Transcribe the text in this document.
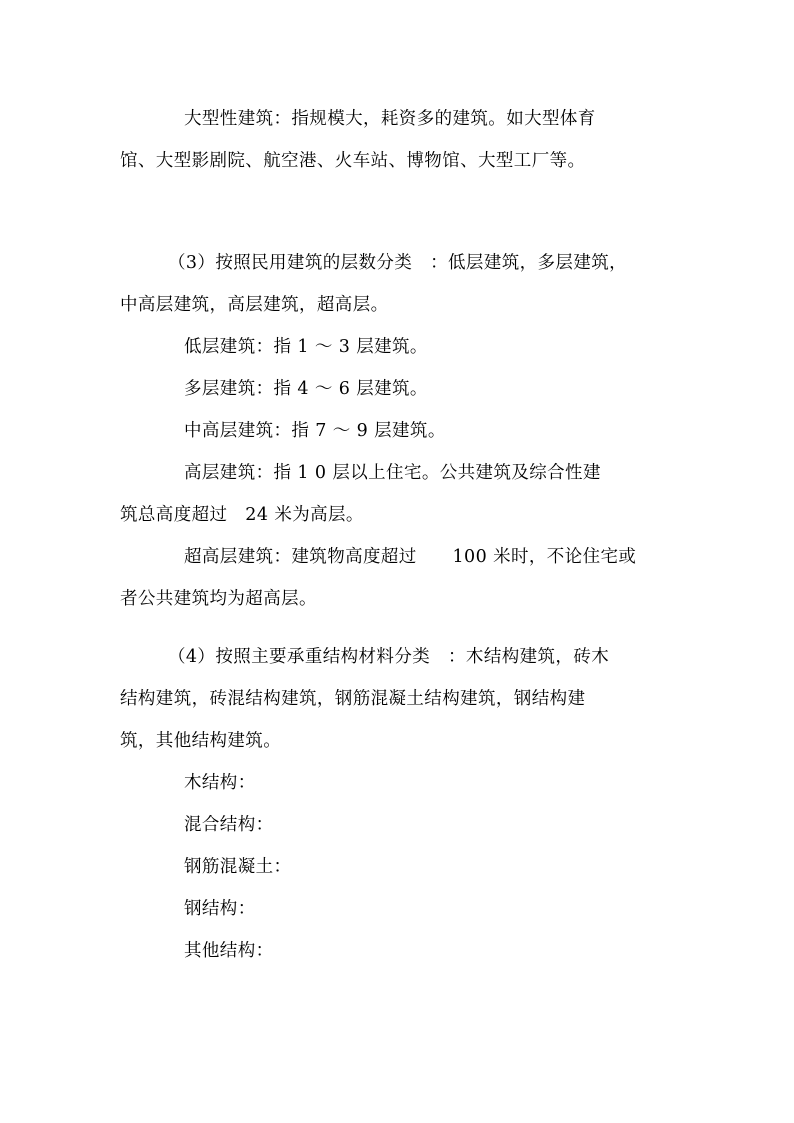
大型性建筑：指规模大，耗资多的建筑。如大型体育
馆、大型影剧院、航空港、火车站、博物馆、大型工厂等。
（3）按照民用建筑的层数分类　：低层建筑，多层建筑，
中高层建筑，高层建筑，超高层。
低层建筑：指 1 ～ 3 层建筑。
多层建筑：指 4 ～ 6 层建筑。
中高层建筑：指 7 ～ 9 层建筑。
高层建筑：指 1 0 层以上住宅。公共建筑及综合性建
筑总高度超过　24 米为高层。
超高层建筑：建筑物高度超过　　100 米时，不论住宅或
者公共建筑均为超高层。
（4）按照主要承重结构材料分类　：木结构建筑，砖木
结构建筑，砖混结构建筑，钢筋混凝土结构建筑，钢结构建
筑，其他结构建筑。
木结构：
混合结构：
钢筋混凝土：
钢结构：
其他结构：
